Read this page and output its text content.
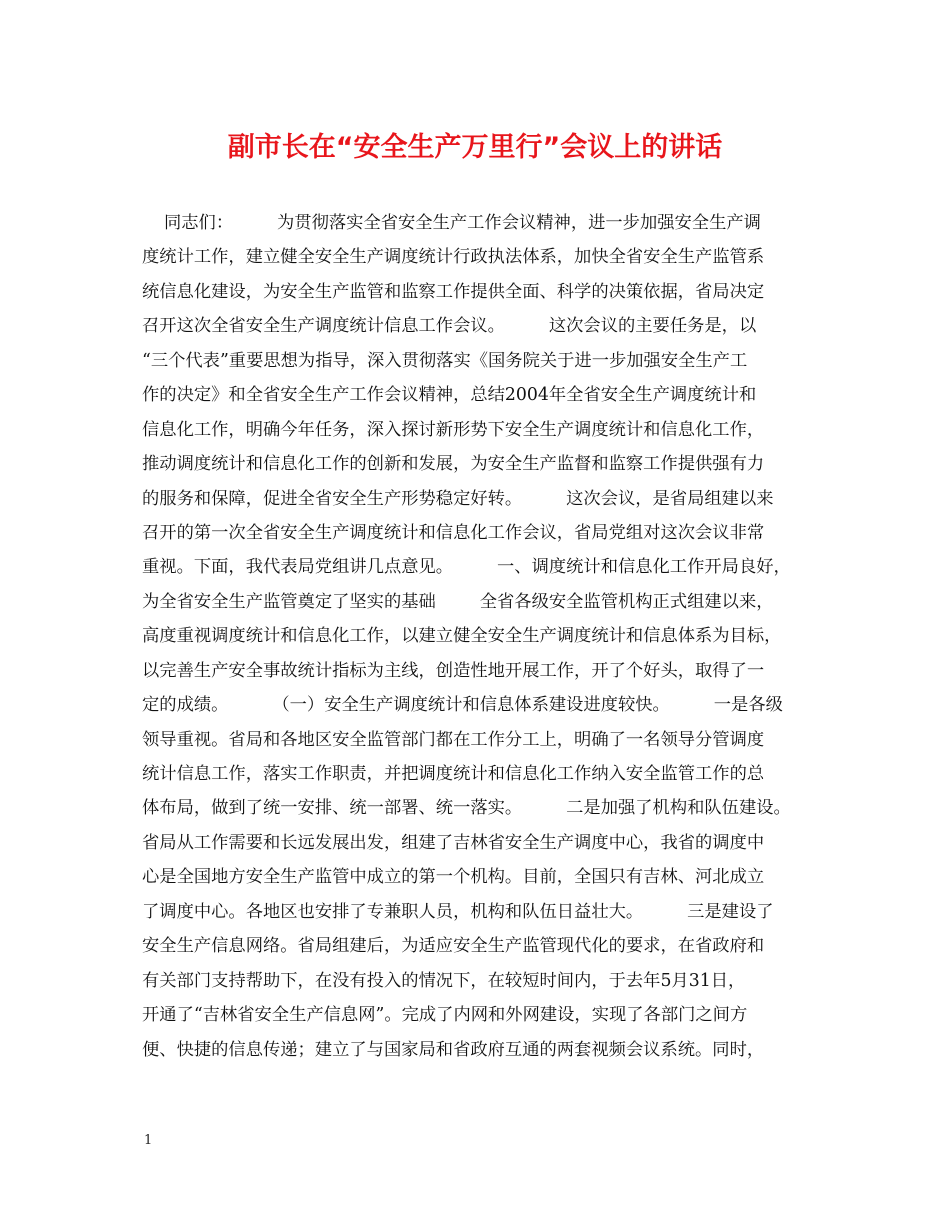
副市长在“安全生产万里行”会议上的讲话
同志们：        为贯彻落实全省安全生产工作会议精神，进一步加强安全生产调
度统计工作，建立健全安全生产调度统计行政执法体系，加快全省安全生产监管系
统信息化建设，为安全生产监管和监察工作提供全面、科学的决策依据，省局决定
召开这次全省安全生产调度统计信息工作会议。        这次会议的主要任务是，以
“三个代表”重要思想为指导，深入贯彻落实《国务院关于进一步加强安全生产工
作的决定》和全省安全生产工作会议精神，总结2004年全省安全生产调度统计和
信息化工作，明确今年任务，深入探讨新形势下安全生产调度统计和信息化工作，
推动调度统计和信息化工作的创新和发展，为安全生产监督和监察工作提供强有力
的服务和保障，促进全省安全生产形势稳定好转。        这次会议，是省局组建以来
召开的第一次全省安全生产调度统计和信息化工作会议，省局党组对这次会议非常
重视。下面，我代表局党组讲几点意见。        一、调度统计和信息化工作开局良好，
为全省安全生产监管奠定了坚实的基础        全省各级安全监管机构正式组建以来，
高度重视调度统计和信息化工作，以建立健全安全生产调度统计和信息体系为目标，
以完善生产安全事故统计指标为主线，创造性地开展工作，开了个好头，取得了一
定的成绩。        （一）安全生产调度统计和信息体系建设进度较快。        一是各级
领导重视。省局和各地区安全监管部门都在工作分工上，明确了一名领导分管调度
统计信息工作，落实工作职责，并把调度统计和信息化工作纳入安全监管工作的总
体布局，做到了统一安排、统一部署、统一落实。        二是加强了机构和队伍建设。
省局从工作需要和长远发展出发，组建了吉林省安全生产调度中心，我省的调度中
心是全国地方安全生产监管中成立的第一个机构。目前，全国只有吉林、河北成立
了调度中心。各地区也安排了专兼职人员，机构和队伍日益壮大。        三是建设了
安全生产信息网络。省局组建后，为适应安全生产监管现代化的要求，在省政府和
有关部门支持帮助下，在没有投入的情况下，在较短时间内，于去年5月31日，
开通了“吉林省安全生产信息网”。完成了内网和外网建设，实现了各部门之间方
便、快捷的信息传递；建立了与国家局和省政府互通的两套视频会议系统。同时，
1
